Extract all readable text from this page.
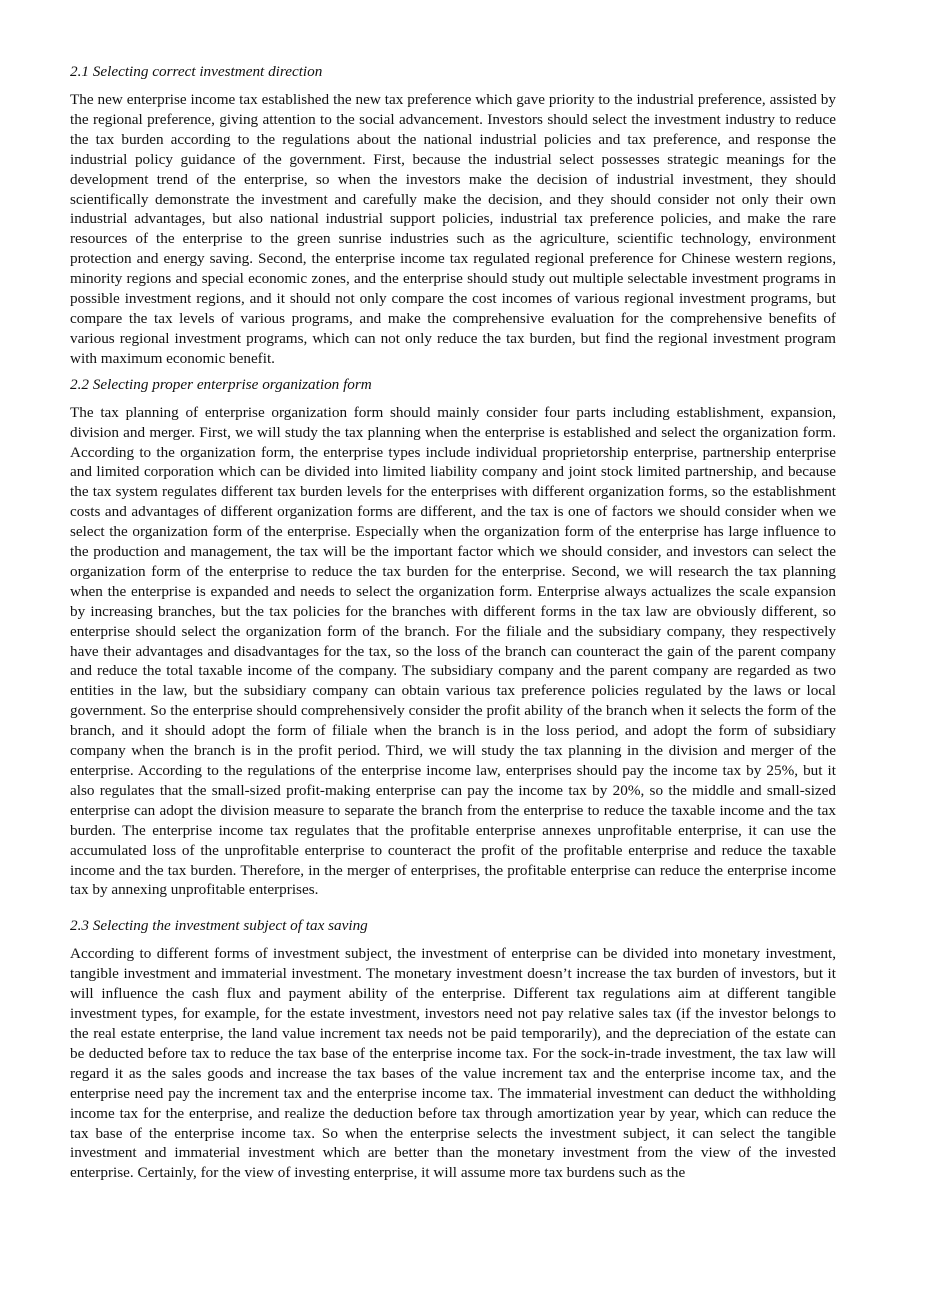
2.1 Selecting correct investment direction

The new enterprise income tax established the new tax preference which gave priority to the industrial preference, assisted by the regional preference, giving attention to the social advancement. Investors should select the investment industry to reduce the tax burden according to the regulations about the national industrial policies and tax preference, and response the industrial policy guidance of the government. First, because the industrial select possesses strategic meanings for the development trend of the enterprise, so when the investors make the decision of industrial investment, they should scientifically demonstrate the investment and carefully make the decision, and they should consider not only their own industrial advantages, but also national industrial support policies, industrial tax preference policies, and make the rare resources of the enterprise to the green sunrise industries such as the agriculture, scientific technology, environment protection and energy saving. Second, the enterprise income tax regulated regional preference for Chinese western regions, minority regions and special economic zones, and the enterprise should study out multiple selectable investment programs in possible investment regions, and it should not only compare the cost incomes of various regional investment programs, but compare the tax levels of various programs, and make the comprehensive evaluation for the comprehensive benefits of various regional investment programs, which can not only reduce the tax burden, but find the regional investment program with maximum economic benefit.

2.2 Selecting proper enterprise organization form

The tax planning of enterprise organization form should mainly consider four parts including establishment, expansion, division and merger. First, we will study the tax planning when the enterprise is established and select the organization form. According to the organization form, the enterprise types include individual proprietorship enterprise, partnership enterprise and limited corporation which can be divided into limited liability company and joint stock limited partnership, and because the tax system regulates different tax burden levels for the enterprises with different organization forms, so the establishment costs and advantages of different organization forms are different, and the tax is one of factors we should consider when we select the organization form of the enterprise. Especially when the organization form of the enterprise has large influence to the production and management, the tax will be the important factor which we should consider, and investors can select the organization form of the enterprise to reduce the tax burden for the enterprise. Second, we will research the tax planning when the enterprise is expanded and needs to select the organization form. Enterprise always actualizes the scale expansion by increasing branches, but the tax policies for the branches with different forms in the tax law are obviously different, so enterprise should select the organization form of the branch. For the filiale and the subsidiary company, they respectively have their advantages and disadvantages for the tax, so the loss of the branch can counteract the gain of the parent company and reduce the total taxable income of the company. The subsidiary company and the parent company are regarded as two entities in the law, but the subsidiary company can obtain various tax preference policies regulated by the laws or local government. So the enterprise should comprehensively consider the profit ability of the branch when it selects the form of the branch, and it should adopt the form of filiale when the branch is in the loss period, and adopt the form of subsidiary company when the branch is in the profit period. Third, we will study the tax planning in the division and merger of the enterprise. According to the regulations of the enterprise income law, enterprises should pay the income tax by 25%, but it also regulates that the small-sized profit-making enterprise can pay the income tax by 20%, so the middle and small-sized enterprise can adopt the division measure to separate the branch from the enterprise to reduce the taxable income and the tax burden. The enterprise income tax regulates that the profitable enterprise annexes unprofitable enterprise, it can use the accumulated loss of the unprofitable enterprise to counteract the profit of the profitable enterprise and reduce the taxable income and the tax burden. Therefore, in the merger of enterprises, the profitable enterprise can reduce the enterprise income tax by annexing unprofitable enterprises.

2.3 Selecting the investment subject of tax saving

According to different forms of investment subject, the investment of enterprise can be divided into monetary investment, tangible investment and immaterial investment. The monetary investment doesn’t increase the tax burden of investors, but it will influence the cash flux and payment ability of the enterprise. Different tax regulations aim at different tangible investment types, for example, for the estate investment, investors need not pay relative sales tax (if the investor belongs to the real estate enterprise, the land value increment tax needs not be paid temporarily), and the depreciation of the estate can be deducted before tax to reduce the tax base of the enterprise income tax. For the sock-in-trade investment, the tax law will regard it as the sales goods and increase the tax bases of the value increment tax and the enterprise income tax, and the enterprise need pay the increment tax and the enterprise income tax. The immaterial investment can deduct the withholding income tax for the enterprise, and realize the deduction before tax through amortization year by year, which can reduce the tax base of the enterprise income tax. So when the enterprise selects the investment subject, it can select the tangible investment and immaterial investment which are better than the monetary investment from the view of the invested enterprise. Certainly, for the view of investing enterprise, it will assume more tax burdens such as the
